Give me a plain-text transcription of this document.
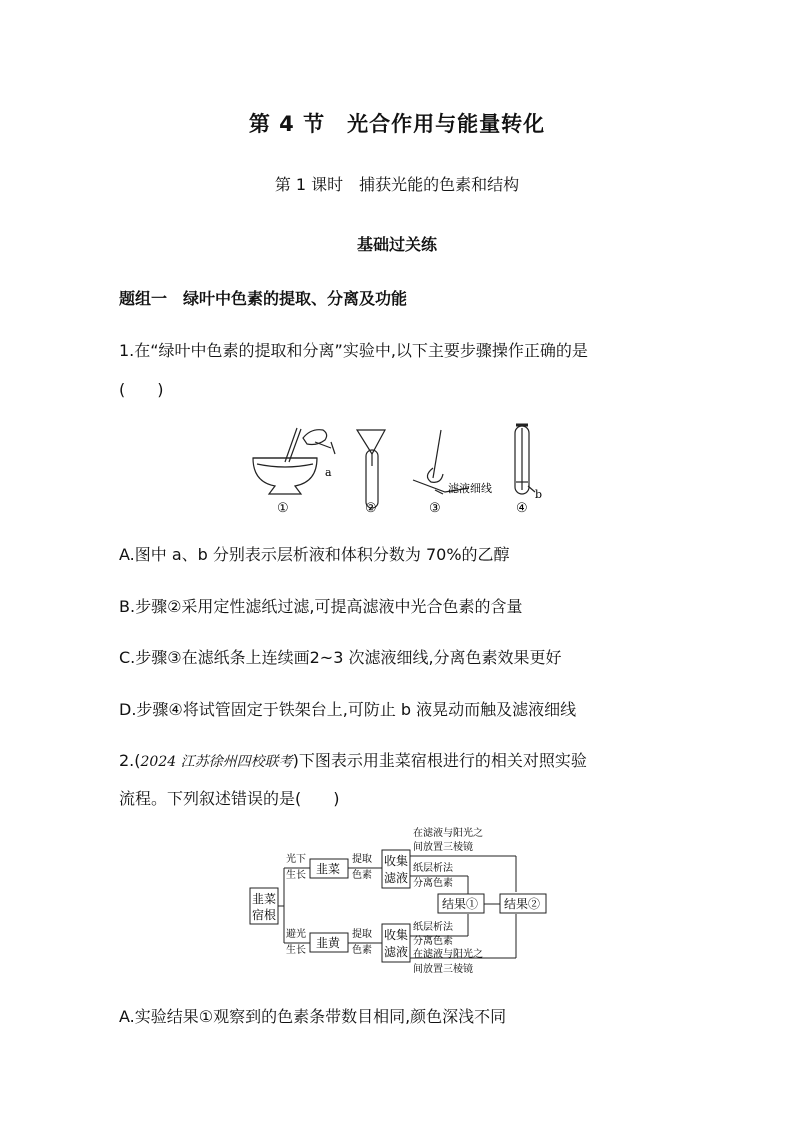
第 4 节　光合作用与能量转化
第 1 课时　捕获光能的色素和结构
基础过关练
题组一　绿叶中色素的提取、分离及功能
1.在“绿叶中色素的提取和分离”实验中,以下主要步骤操作正确的是
(　　)
a
b
滤液细线
①	②	③	④
A.图中 a、b 分别表示层析液和体积分数为 70%的乙醇
B.步骤②采用定性滤纸过滤,可提高滤液中光合色素的含量
C.步骤③在滤纸条上连续画2~3 次滤液细线,分离色素效果更好
D.步骤④将试管固定于铁架台上,可防止 b 液晃动而触及滤液细线
2.(2024 江苏徐州四校联考)下图表示用韭菜宿根进行的相关对照实验
流程。下列叙述错误的是(　　)
韭菜
宿根
光下
生长
避光
生长
韭菜
韭黄
提取
色素
提取
色素
收集
滤液
收集
滤液
在滤液与阳光之
间放置三棱镜
纸层析法
分离色素
纸层析法
分离色素
在滤液与阳光之
间放置三棱镜
结果① 结果②
A.实验结果①观察到的色素条带数目相同,颜色深浅不同
